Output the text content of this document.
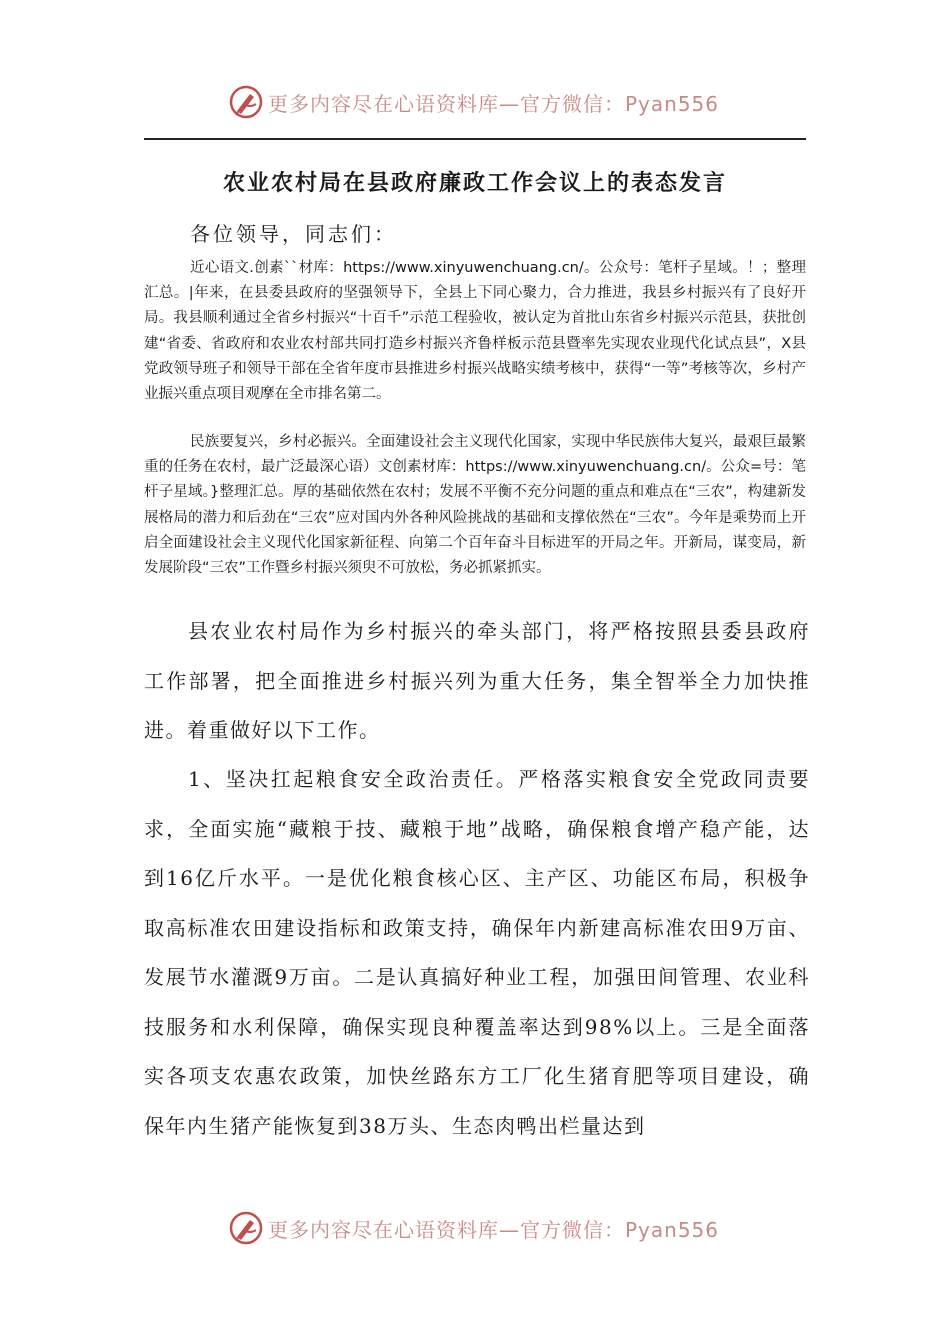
更多内容尽在心语资料库—官方微信：Pyan556
农业农村局在县政府廉政工作会议上的表态发言
各位领导，同志们：

近心语文.创素``材库：https://www.xinyuwenchuang.cn/。公众号：笔杆子星域。！；整理汇总。|年来，在县委县政府的坚强领导下，全县上下同心聚力，合力推进，我县乡村振兴有了良好开局。我县顺利通过全省乡村振兴“十百千”示范工程验收，被认定为首批山东省乡村振兴示范县，获批创建“省委、省政府和农业农村部共同打造乡村振兴齐鲁样板示范县暨率先实现农业现代化试点县”，X县党政领导班子和领导干部在全省年度市县推进乡村振兴战略实绩考核中，获得“一等”考核等次，乡村产业振兴重点项目观摩在全市排名第二。

民族要复兴，乡村必振兴。全面建设社会主义现代化国家，实现中华民族伟大复兴，最艰巨最繁重的任务在农村，最广泛最深心语）文创素材库：https://www.xinyuwenchuang.cn/。公众=号：笔杆子星域。}整理汇总。厚的基础依然在农村；发展不平衡不充分问题的重点和难点在“三农”，构建新发展格局的潜力和后劲在“三农”应对国内外各种风险挑战的基础和支撑依然在“三农”。今年是乘势而上开启全面建设社会主义现代化国家新征程、向第二个百年奋斗目标进军的开局之年。开新局，谋变局，新发展阶段“三农”工作暨乡村振兴须臾不可放松，务必抓紧抓实。

县农业农村局作为乡村振兴的牵头部门，将严格按照县委县政府工作部署，把全面推进乡村振兴列为重大任务，集全智举全力加快推进。着重做好以下工作。

1、坚决扛起粮食安全政治责任。严格落实粮食安全党政同责要求，全面实施“藏粮于技、藏粮于地”战略，确保粮食增产稳产能，达到16亿斤水平。一是优化粮食核心区、主产区、功能区布局，积极争取高标准农田建设指标和政策支持，确保年内新建高标准农田9万亩、发展节水灌溉9万亩。二是认真搞好种业工程，加强田间管理、农业科技服务和水利保障，确保实现良种覆盖率达到98%以上。三是全面落实各项支农惠农政策，加快丝路东方工厂化生猪育肥等项目建设，确保年内生猪产能恢复到38万头、生态肉鸭出栏量达到

更多内容尽在心语资料库—官方微信：Pyan556
